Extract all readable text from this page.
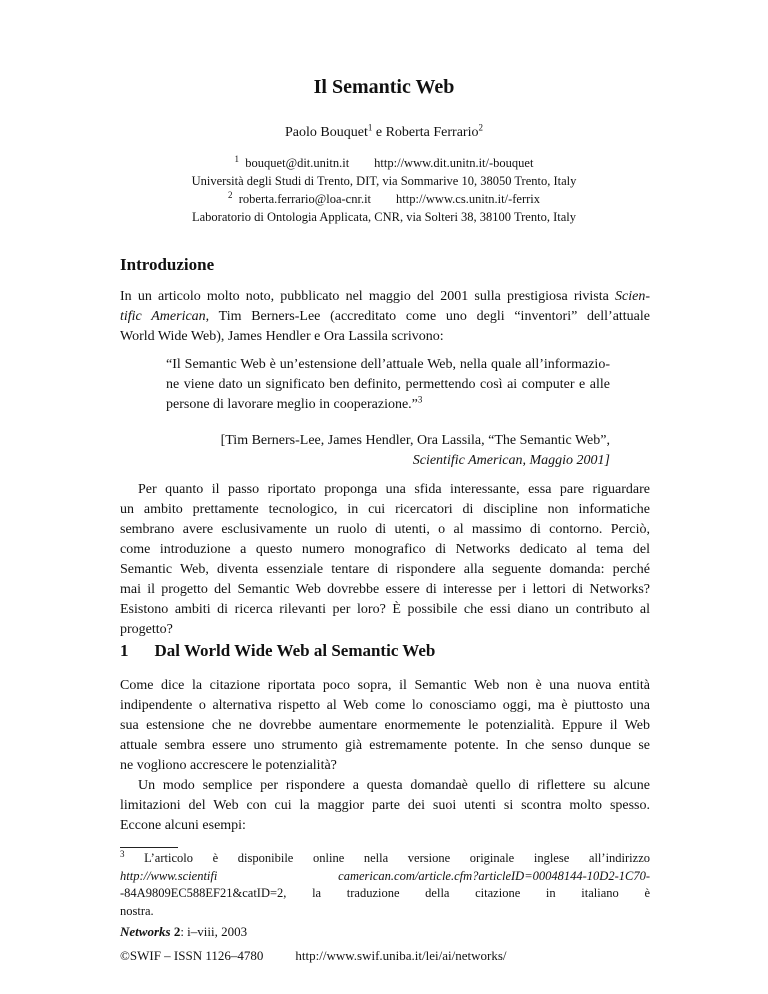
Il Semantic Web
Paolo Bouquet$^1$ e Roberta Ferrario$^2$
$^1$ bouquet@dit.unitn.it http://www.dit.unitn.it/-bouquet
Università degli Studi di Trento, DIT, via Sommarive 10, 38050 Trento, Italy
$^2$ roberta.ferrario@loa-cnr.it http://www.cs.unitn.it/-ferrix
Laboratorio di Ontologia Applicata, CNR, via Solteri 38, 38100 Trento, Italy
Introduzione
In un articolo molto noto, pubblicato nel maggio del 2001 sulla prestigiosa rivista Scien-
tific American, Tim Berners-Lee (accreditato come uno degli “inventori” dell’attuale
World Wide Web), James Hendler e Ora Lassila scrivono:
“Il Semantic Web è un’estensione dell’attuale Web, nella quale all’informazio-
ne viene dato un significato ben definito, permettendo così ai computer e alle
persone di lavorare meglio in cooperazione.”$^3$
[Tim Berners-Lee, James Hendler, Ora Lassila, “The Semantic Web”,
Scientific American, Maggio 2001]
Per quanto il passo riportato proponga una sfida interessante, essa pare riguardare
un ambito prettamente tecnologico, in cui ricercatori di discipline non informatiche
sembrano avere esclusivamente un ruolo di utenti, o al massimo di contorno. Perciò,
come introduzione a questo numero monografico di Networks dedicato al tema del
Semantic Web, diventa essenziale tentare di rispondere alla seguente domanda: perché
mai il progetto del Semantic Web dovrebbe essere di interesse per i lettori di Networks?
Esistono ambiti di ricerca rilevanti per loro? È possibile che essi diano un contributo al
progetto?
1 Dal World Wide Web al Semantic Web
Come dice la citazione riportata poco sopra, il Semantic Web non è una nuova entità
indipendente o alternativa rispetto al Web come lo conosciamo oggi, ma è piuttosto una
sua estensione che ne dovrebbe aumentare enormemente le potenzialità. Eppure il Web
attuale sembra essere uno strumento già estremamente potente. In che senso dunque se
ne vogliono accrescere le potenzialità?
Un modo semplice per rispondere a questa domandaè quello di riflettere su alcune
limitazioni del Web con cui la maggior parte dei suoi utenti si scontra molto spesso.
Eccone alcuni esempi:
$^3$ L’articolo è disponibile online nella versione originale inglese all’indirizzo
http://www.scientifi camerican.com/article.cfm?articleID=00048144-10D2-1C70-
-84A9809EC588EF21&catID=2, la traduzione della citazione in italiano è
nostra.
Networks 2: i–viii, 2003
©SWIF – ISSN 1126–4780 http://www.swif.uniba.it/lei/ai/networks/
